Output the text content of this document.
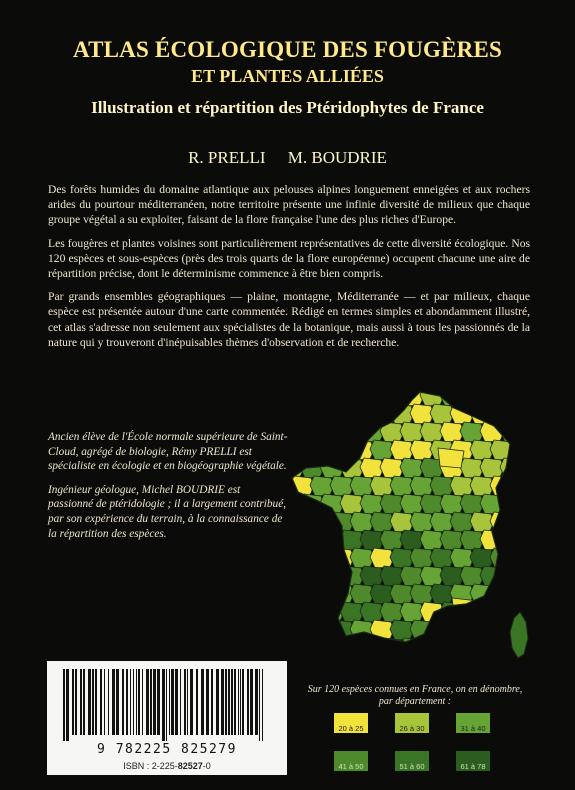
ATLAS ÉCOLOGIQUE DES FOUGÈRES
ET PLANTES ALLIÉES
Illustration et répartition des Ptéridophytes de France
R. PRELLI M. BOUDRIE

Des forêts humides du domaine atlantique aux pelouses alpines longuement enneigées et aux rochers arides du pourtour méditerranéen, notre territoire présente une infinie diversité de milieux que chaque groupe végétal a su exploiter, faisant de la flore française l'une des plus riches d'Europe.

Les fougères et plantes voisines sont particulièrement représentatives de cette diversité écologique. Nos 120 espèces et sous-espèces (près des trois quarts de la flore européenne) occupent chacune une aire de répartition précise, dont le déterminisme commence à être bien compris.

Par grands ensembles géographiques — plaine, montagne, Méditerranée — et par milieux, chaque espèce est présentée autour d'une carte commentée. Rédigé en termes simples et abondamment illustré, cet atlas s'adresse non seulement aux spécialistes de la botanique, mais aussi à tous les passionnés de la nature qui y trouveront d'inépuisables thèmes d'observation et de recherche.

Ancien élève de l'École normale supérieure de Saint-Cloud, agrégé de biologie, Rémy PRELLI est spécialiste en écologie et en biogéographie végétale.

Ingénieur géologue, Michel BOUDRIE est passionné de ptéridologie ; il a largement contribué, par son expérience du terrain, à la connaissance de la répartition des espèces.

9 782225 825279
ISBN : 2-225-82527-0
Sur 120 espèces connues en France, on en dénombre, par département :
20 à 25	26 à 30	31 à 40
41 à 50	51 à 60	61 à 78
